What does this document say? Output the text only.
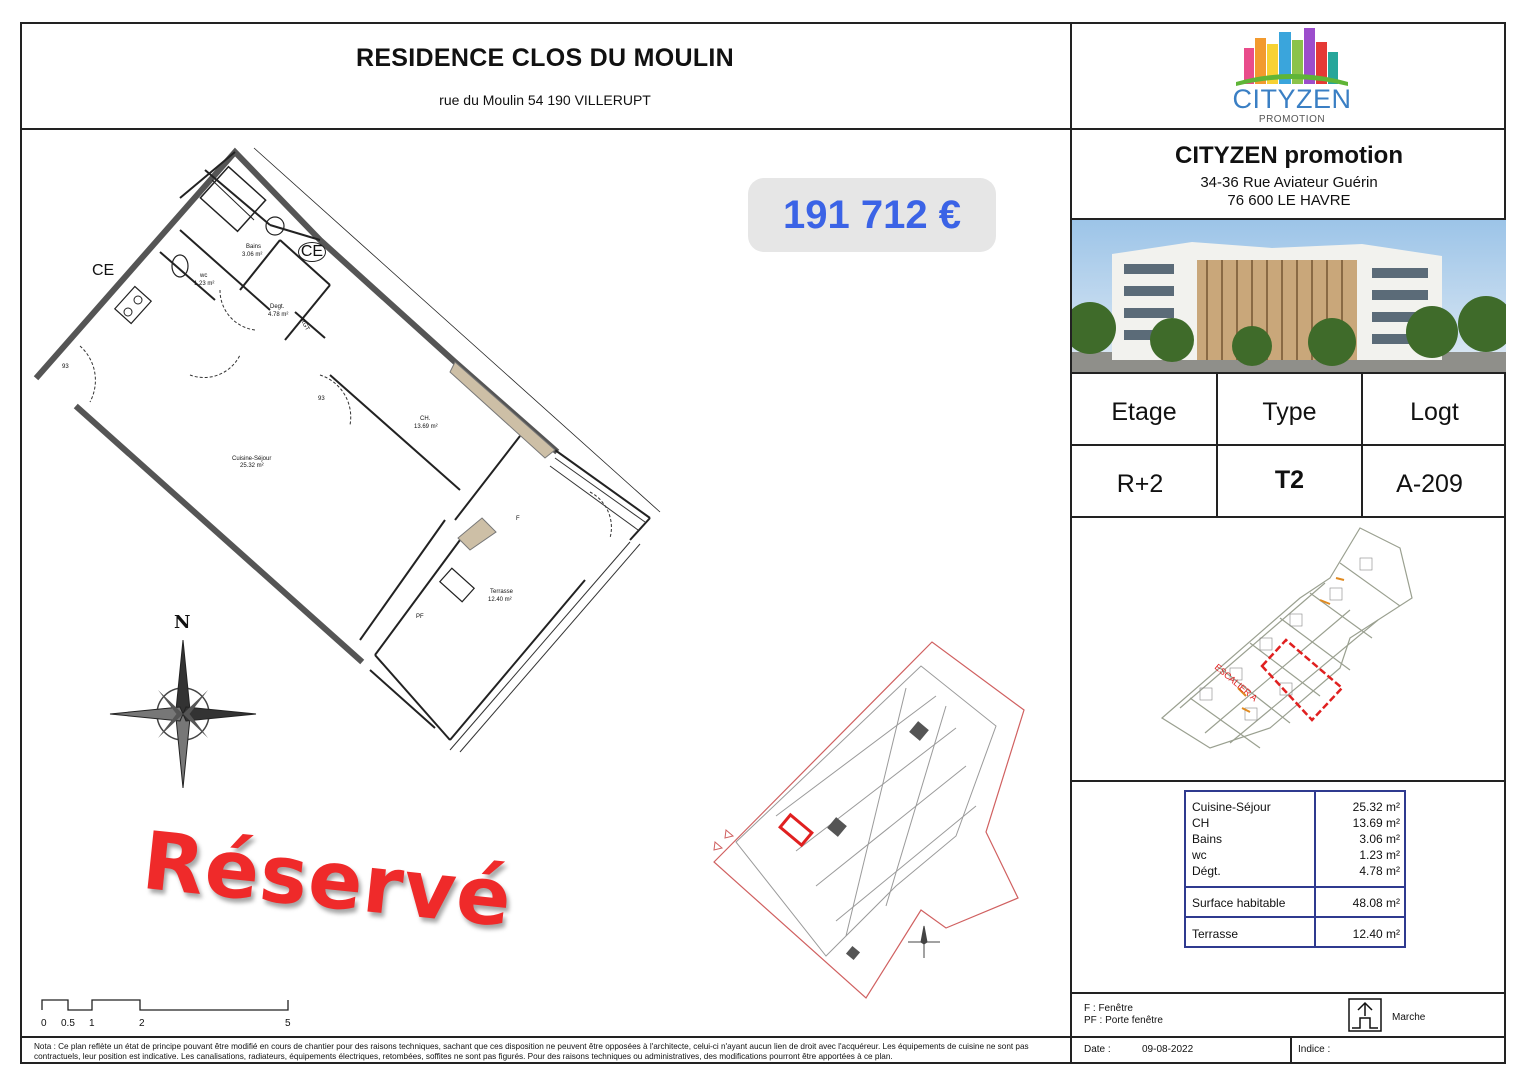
RESIDENCE CLOS DU MOULIN
rue du Moulin 54 190 VILLERUPT	CITYZEN
PROMOTION
CITYZEN promotion
34-36 Rue Aviateur Guérin
76 600 LE HAVRE
Etage	Type	Logt
R+2	T2	A-209
ESCALIER A
Cuisine-Séjour	25.32 m²
CH	13.69 m²
Bains	3.06 m²
wc	1.23 m²
Dégt.	4.78 m²
Surface habitable	48.08 m²
Terrasse	12.40 m²
F : Fenêtre
PF : Porte fenêtre	Marche
Nota : Ce plan reflète un état de principe pouvant être modifié en cours de chantier pour des raisons techniques, sachant que ces disposition ne peuvent être opposées à l'architecte, celui-ci n'ayant aucun lien de droit avec l'acquéreur. Les équipements de cuisine ne sont pas contractuels, leur position est indicative. Les canalisations, radiateurs, équipements électriques, retombées, soffites ne sont pas figurés. Pour des raisons techniques ou administratives, des modifications pourront être apportées à ce plan.
Date :	09-08-2022	Indice :
191 712 €
CE
CE
Bains
3.06 m²
wc
1.23 m²
Degt.
4.78 m²
CH.
13.69 m²
Cuisine-Séjour
25.32 m²
Terrasse
12.40 m²
93
93
RGT
PF
F
N
0 0.5 1	2	5
Réservé
